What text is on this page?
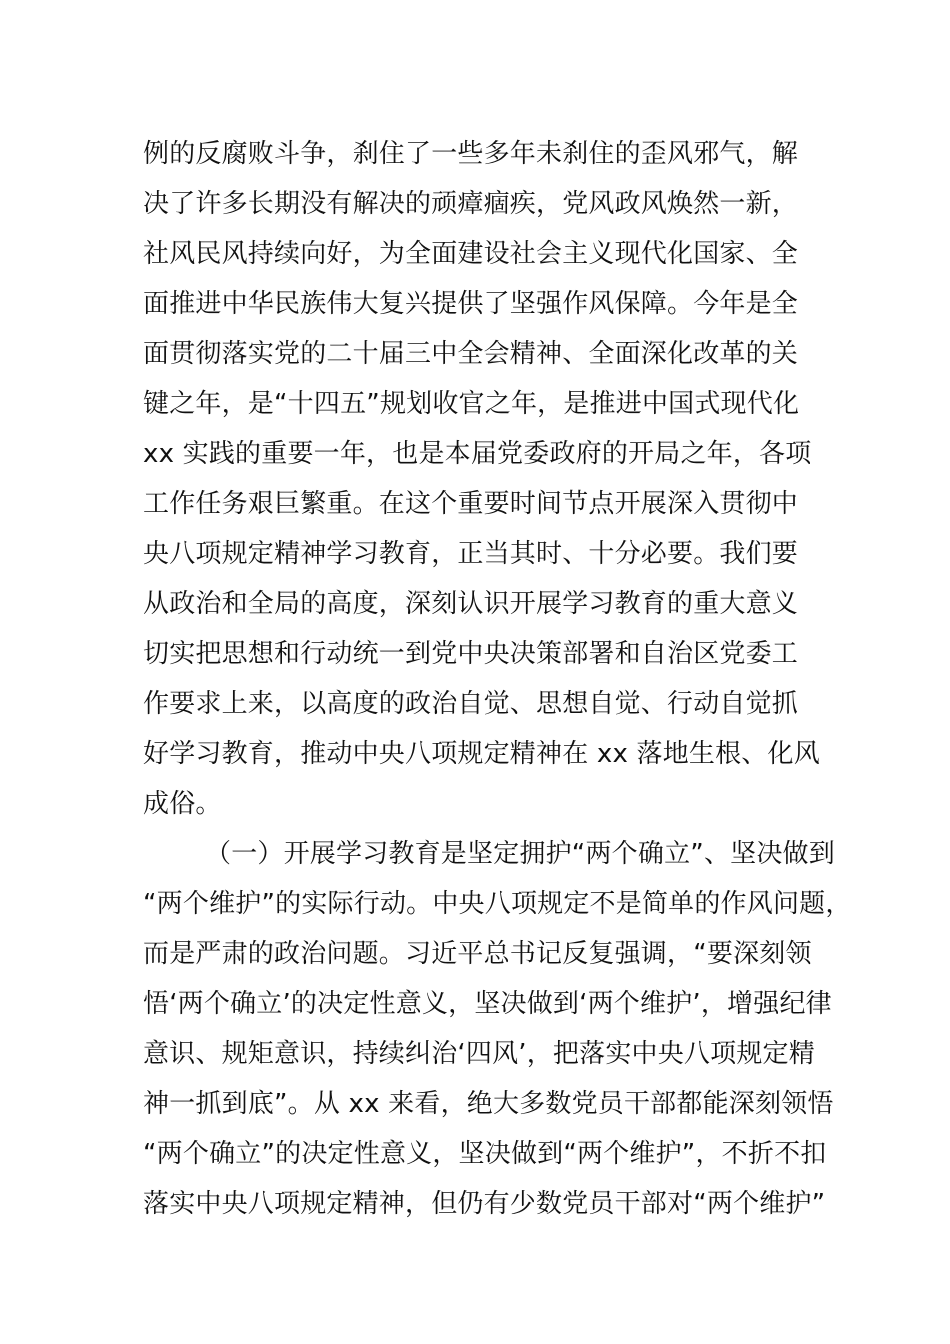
例的反腐败斗争，刹住了一些多年未刹住的歪风邪气，解
决了许多长期没有解决的顽瘴痼疾，党风政风焕然一新，
社风民风持续向好，为全面建设社会主义现代化国家、全
面推进中华民族伟大复兴提供了坚强作风保障。今年是全
面贯彻落实党的二十届三中全会精神、全面深化改革的关
键之年，是“十四五”规划收官之年，是推进中国式现代化
xx 实践的重要一年，也是本届党委政府的开局之年，各项
工作任务艰巨繁重。在这个重要时间节点开展深入贯彻中
央八项规定精神学习教育，正当其时、十分必要。我们要
从政治和全局的高度，深刻认识开展学习教育的重大意义
切实把思想和行动统一到党中央决策部署和自治区党委工
作要求上来，以高度的政治自觉、思想自觉、行动自觉抓
好学习教育，推动中央八项规定精神在 xx 落地生根、化风
成俗。
（一）开展学习教育是坚定拥护“两个确立”、坚决做到
“两个维护”的实际行动。中央八项规定不是简单的作风问题，
而是严肃的政治问题。习近平总书记反复强调，“要深刻领
悟‘两个确立’的决定性意义，坚决做到‘两个维护’，增强纪律
意识、规矩意识，持续纠治‘四风’，把落实中央八项规定精
神一抓到底”。从 xx 来看，绝大多数党员干部都能深刻领悟
“两个确立”的决定性意义，坚决做到“两个维护”，不折不扣
落实中央八项规定精神，但仍有少数党员干部对“两个维护”
